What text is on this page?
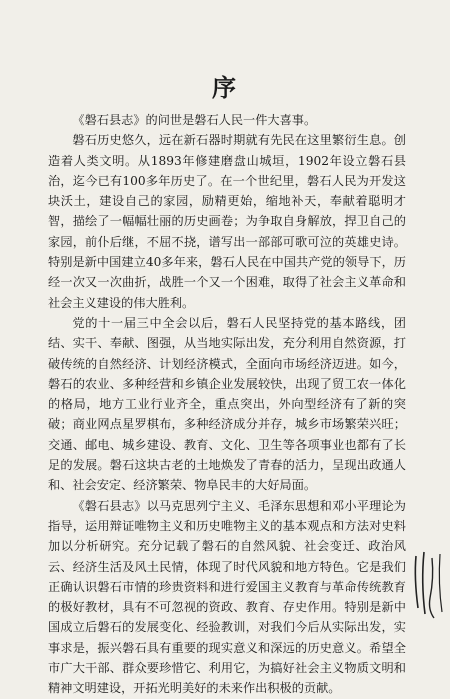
序

《磐石县志》的问世是磐石人民一件大喜事。

磐石历史悠久，远在新石器时期就有先民在这里繁衍生息。创造着人类文明。从1893年修建磨盘山城垣，1902年设立磐石县治，迄今已有100多年历史了。在一个世纪里，磐石人民为开发这块沃土，建设自己的家园，励精更始，缩地补天，奉献着聪明才智，描绘了一幅幅壮丽的历史画卷；为争取自身解放，捍卫自己的家园，前仆后继，不屈不挠，谱写出一部部可歌可泣的英雄史诗。特别是新中国建立40多年来，磐石人民在中国共产党的领导下，历经一次又一次曲折，战胜一个又一个困难，取得了社会主义革命和社会主义建设的伟大胜利。

党的十一届三中全会以后，磐石人民坚持党的基本路线，团结、实干、奉献、图强，从当地实际出发，充分利用自然资源，打破传统的自然经济、计划经济模式，全面向市场经济迈进。如今，磐石的农业、多种经营和乡镇企业发展较快，出现了贸工农一体化的格局，地方工业行业齐全，重点突出，外向型经济有了新的突破；商业网点星罗棋布，多种经济成分并存，城乡市场繁荣兴旺；交通、邮电、城乡建设、教育、文化、卫生等各项事业也都有了长足的发展。磐石这块古老的土地焕发了青春的活力，呈现出政通人和、社会安定、经济繁荣、物阜民丰的大好局面。

《磐石县志》以马克思列宁主义、毛泽东思想和邓小平理论为指导，运用辩证唯物主义和历史唯物主义的基本观点和方法对史料加以分析研究。充分记载了磐石的自然风貌、社会变迁、政治风云、经济生活及风土民情，体现了时代风貌和地方特色。它是我们正确认识磐石市情的珍贵资料和进行爱国主义教育与革命传统教育的极好教材，具有不可忽视的资政、教育、存史作用。特别是新中国成立后磐石的发展变化、经验教训，对我们今后从实际出发，实事求是，振兴磐石具有重要的现实意义和深远的历史意义。希望全市广大干部、群众要珍惜它、利用它，为搞好社会主义物质文明和精神文明建设，开拓光明美好的未来作出积极的贡献。
